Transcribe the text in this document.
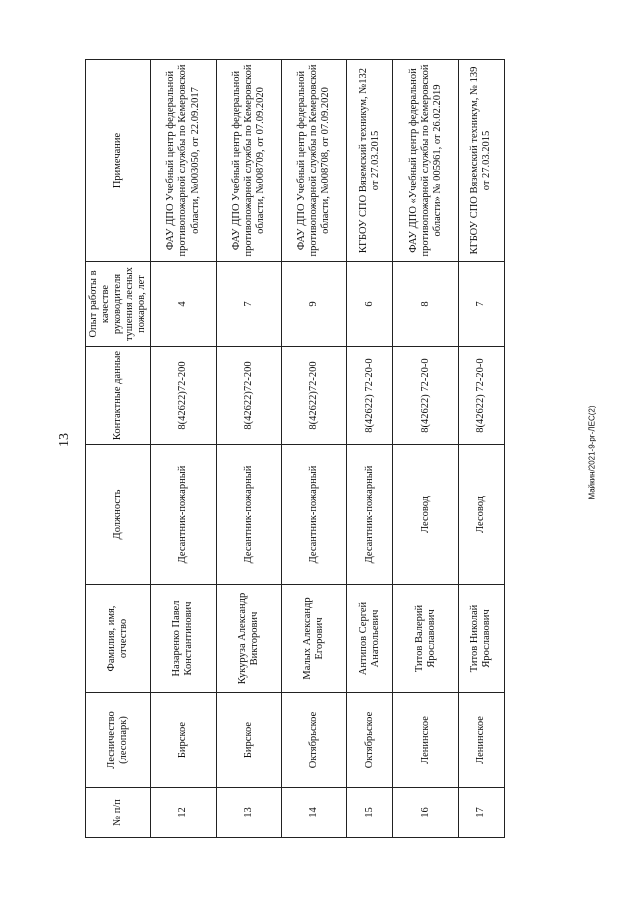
13
№ п/п	Лесничество (лесопарк)	Фамилия, имя, отчество	Должность	Контактные данные	Опыт работы в качестве руководителя тушения лесных пожаров, лет	Примечание
12	Бирское	Назаренко Павел Константинович	Десантник-пожарный	8(42622)72-200	4	ФАУ ДПО Учебный центр федеральной противопожарной службы по Кемеровской области, №003050, от 22.09.2017
13	Бирское	Кукуруза Александр Викторович	Десантник-пожарный	8(42622)72-200	7	ФАУ ДПО Учебный центр федеральной противопожарной службы по Кемеровской области, №008709, от 07.09.2020
14	Октябрьское	Малых Александр Егорович	Десантник-пожарный	8(42622)72-200	9	ФАУ ДПО Учебный центр федеральной противопожарной службы по Кемеровской области, №008708, от 07.09.2020
15	Октябрьское	Антипов Сергей Анатольевич	Десантник-пожарный	8(42622) 72-20-0	6	КГБОУ СПО Вяземский техникум, №132 от 27.03.2015
16	Ленинское	Титов Валерий Ярославович	Лесовод	8(42622) 72-20-0	8	ФАУ ДПО «Учебный центр федеральной противопожарной службы по Кемеровской области» № 005961, от 26.02.2019
17	Ленинское	Титов Николай Ярославович	Лесовод	8(42622) 72-20-0	7	КГБОУ СПО Вяземский техникум, № 139 от 27.03.2015
Майкин/2021-9-рг-ЛЕС(2)
